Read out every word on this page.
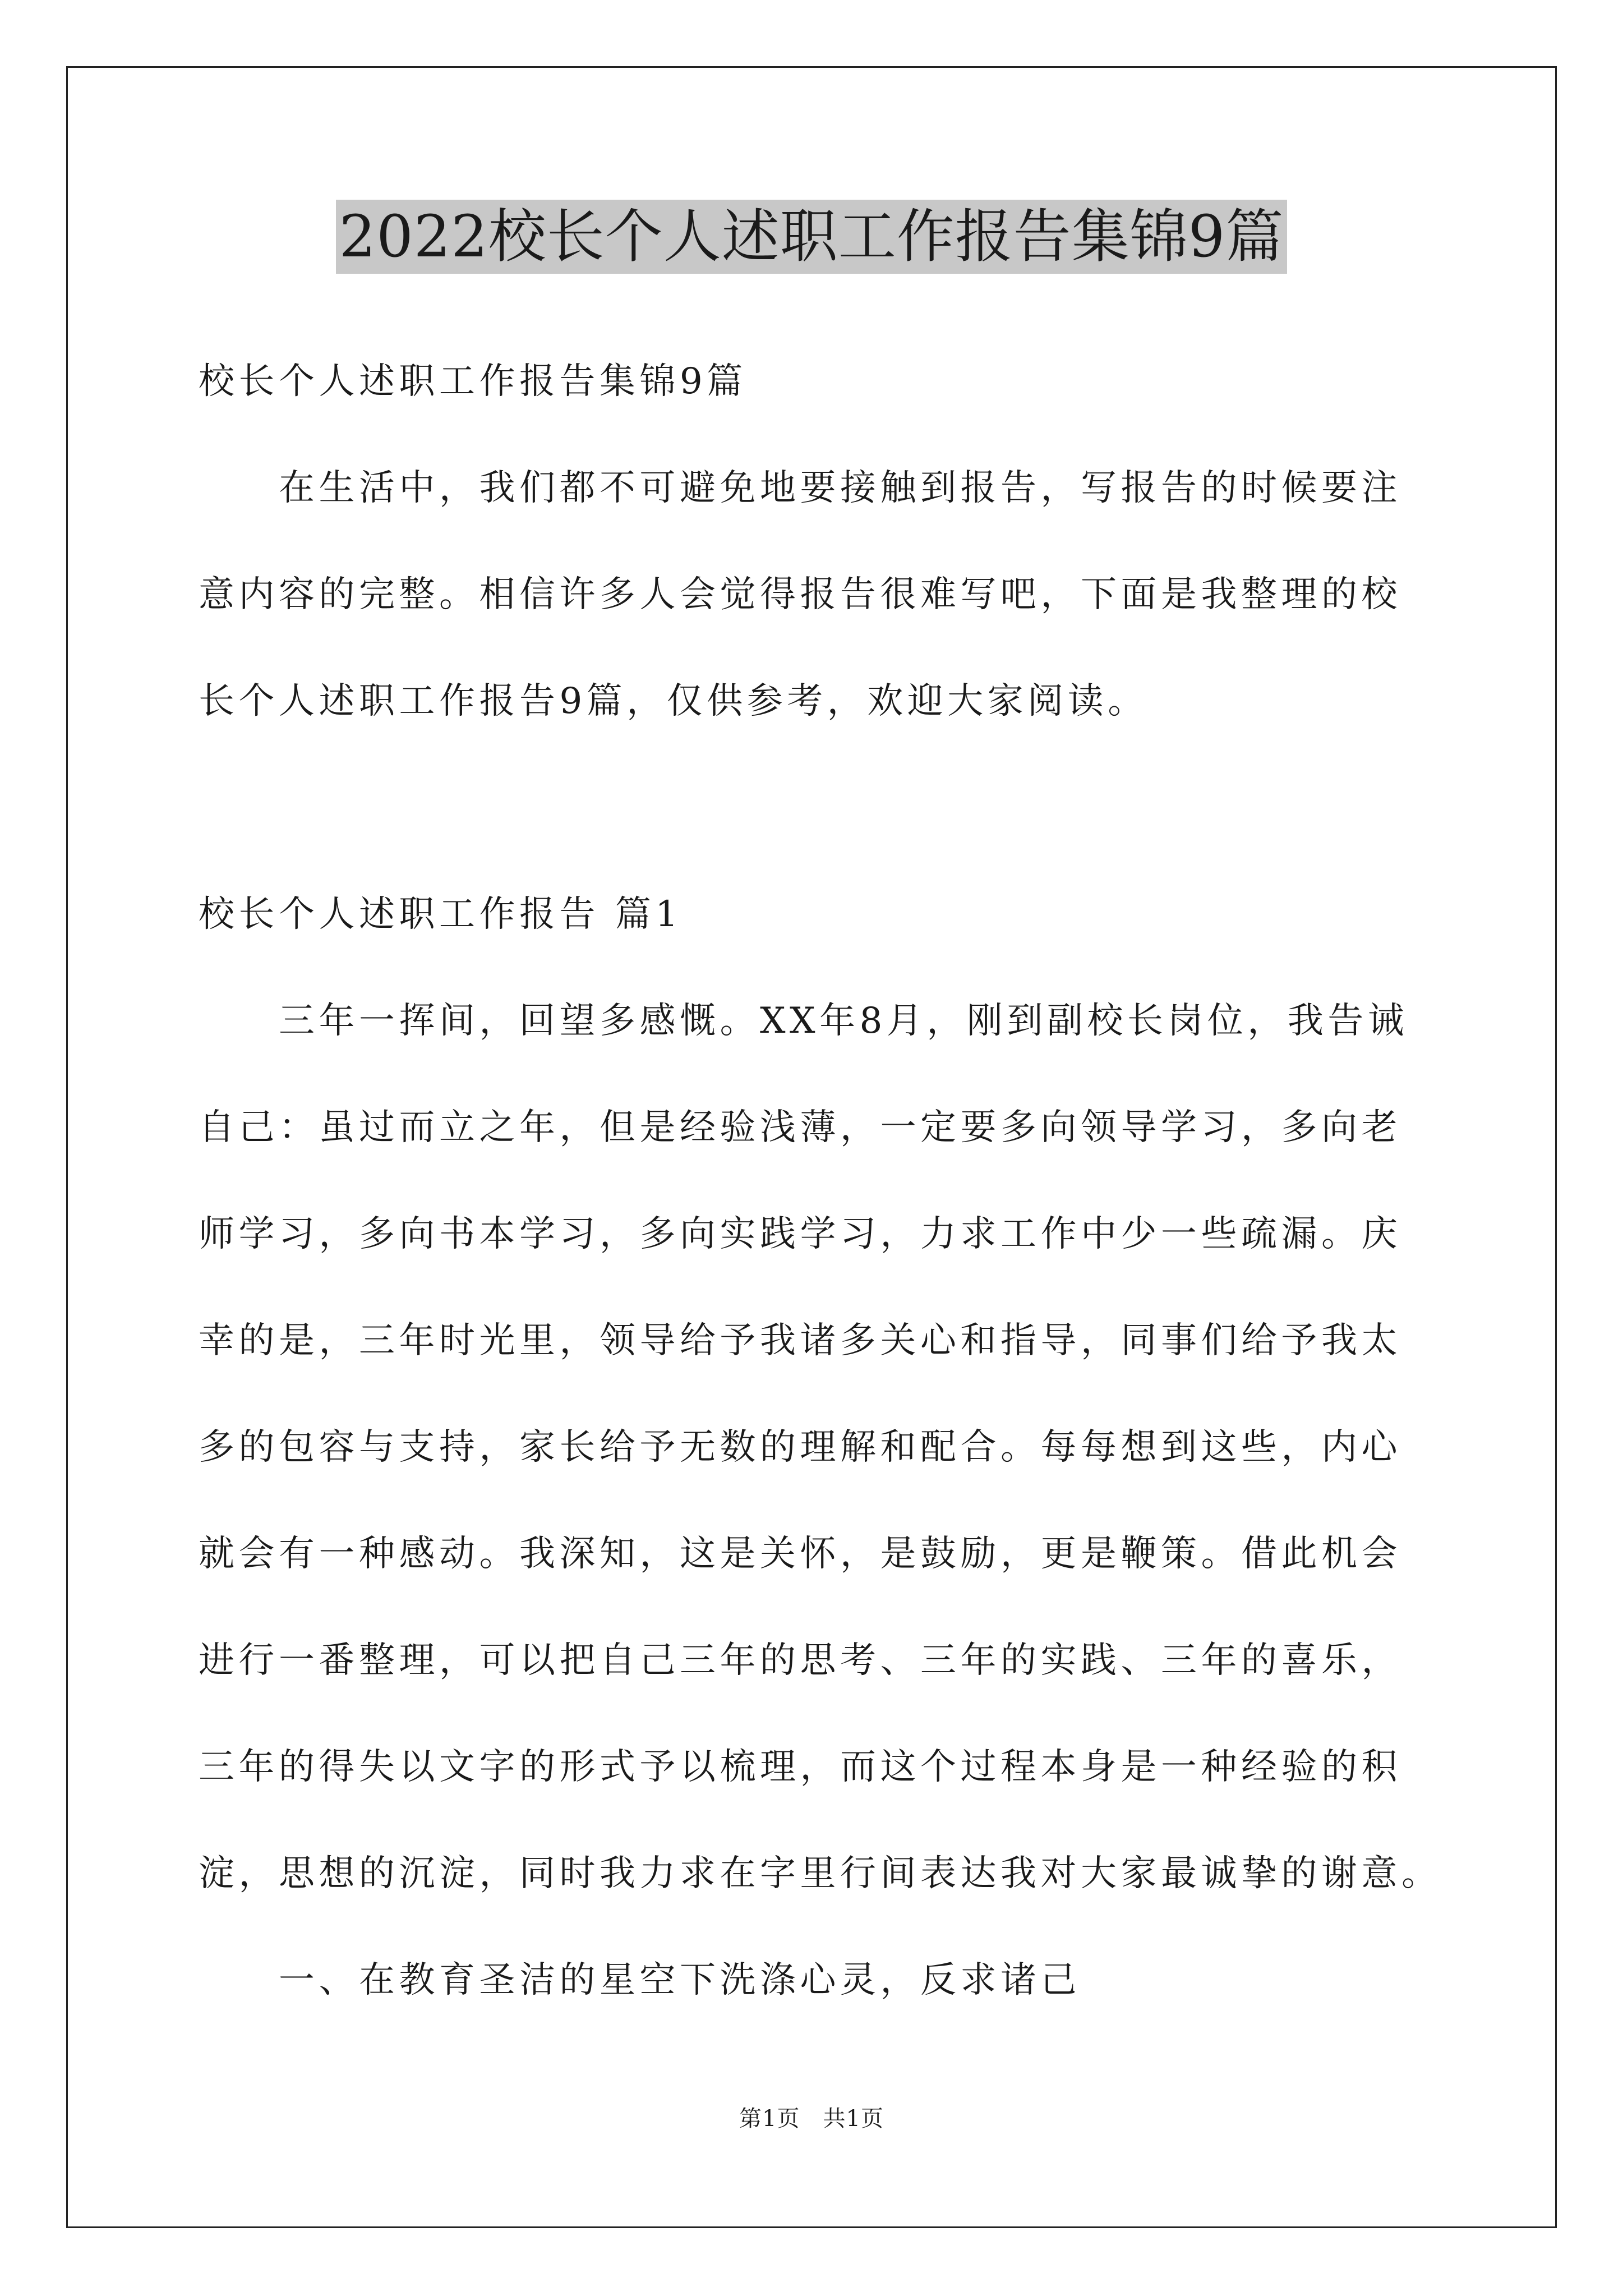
2022校长个人述职工作报告集锦9篇
校长个人述职工作报告集锦9篇
　　在生活中，我们都不可避免地要接触到报告，写报告的时候要注
意内容的完整。相信许多人会觉得报告很难写吧，下面是我整理的校
长个人述职工作报告9篇，仅供参考，欢迎大家阅读。
校长个人述职工作报告 篇1
　　三年一挥间，回望多感慨。XX年8月，刚到副校长岗位，我告诫
自己：虽过而立之年，但是经验浅薄，一定要多向领导学习，多向老
师学习，多向书本学习，多向实践学习，力求工作中少一些疏漏。庆
幸的是，三年时光里，领导给予我诸多关心和指导，同事们给予我太
多的包容与支持，家长给予无数的理解和配合。每每想到这些，内心
就会有一种感动。我深知，这是关怀，是鼓励，更是鞭策。借此机会
进行一番整理，可以把自己三年的思考、三年的实践、三年的喜乐，
三年的得失以文字的形式予以梳理，而这个过程本身是一种经验的积
淀，思想的沉淀，同时我力求在字里行间表达我对大家最诚挚的谢意。
　　一、在教育圣洁的星空下洗涤心灵，反求诸己
第1页　共1页
